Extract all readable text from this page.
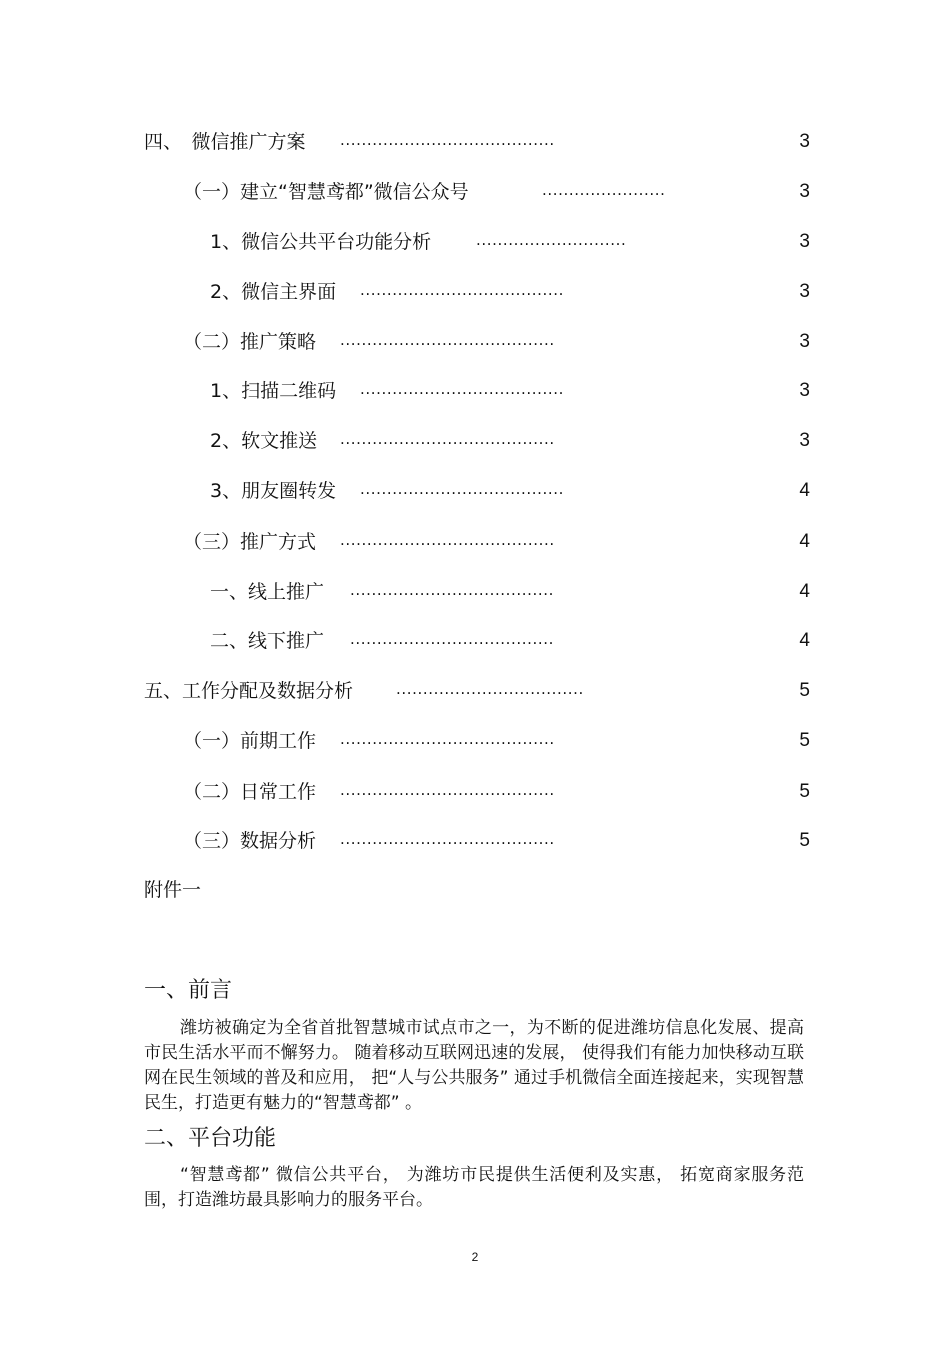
四、　微信推广方案 ........................................	3
（一）建立“智慧鸢都”微信公众号	.......................	3
1、微信公共平台功能分析	............................	3
2、微信主界面 ......................................	3
（二）推广策略 ........................................	3
1、扫描二维码 ......................................	3
2、软文推送 ........................................	3
3、朋友圈转发 ......................................	4
（三）推广方式 ........................................	4
一、线上推广 ......................................	4
二、线下推广 ......................................	4
五、工作分配及数据分析	...................................	5
（一）前期工作 ........................................	5
（二）日常工作 ........................................	5
（三）数据分析 ........................................	5
附件一
一、前言
潍坊被确定为全省首批智慧城市试点市之一，为不断的促进潍坊信息化发展、提高市民生活水平而不懈努力。 随着移动互联网迅速的发展， 使得我们有能力加快移动互联网在民生领域的普及和应用， 把“人与公共服务” 通过手机微信全面连接起来，实现智慧民生，打造更有魅力的“智慧鸢都” 。
二、平台功能
“智慧鸢都” 微信公共平台， 为潍坊市民提供生活便利及实惠， 拓宽商家服务范围，打造潍坊最具影响力的服务平台。
2
